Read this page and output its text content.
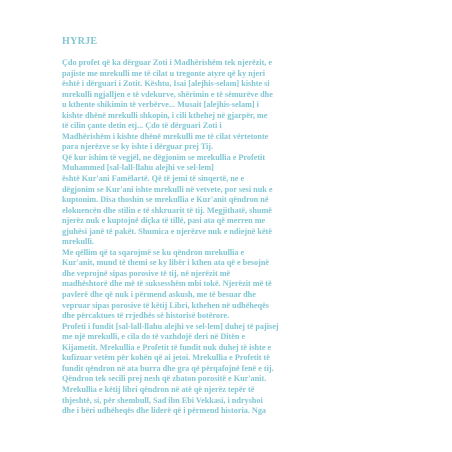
HYRJE
Çdo profet që ka dërguar Zoti i Madhërishëm tek njerëzit, e
pajiste me mrekulli me të cilat u tregonte atyre që ky njeri
është i dërguari i Zotit. Kështu, Isai [alejhis-selam] kishte si
mrekulli ngjalljen e të vdekurve, shërimin e të sëmurëve dhe
u kthente shikimin të verbërve... Musait [alejhis-selam] i
kishte dhënë mrekulli shkopin, i cili kthehej në gjarpër, me
të cilin çante detin etj... Çdo të dërguari Zoti i
Madhërishëm i kishte dhënë mrekulli me të cilat vërtetonte
para njerëzve se ky ishte i dërguar prej Tij.
Që kur ishim të vegjël, ne dëgjonim se mrekullia e Profetit
Muhammed [sal-lall-llahu alejhi ve sel-lem]
është Kur'ani Famëlartë. Që të jemi të sinqertë, ne e
dëgjonim se Kur'ani ishte mrekulli në vetvete, por sesi nuk e
kuptonim. Disa thoshin se mrekullia e Kur'anit qëndron në
elokuencën dhe stilin e të shkruarit të tij. Megjithatë, shumë
njerëz nuk e kuptojnë diçka të tillë, pasi ata që merren me
gjuhësi janë të pakët. Shumica e njerëzve nuk e ndiejnë këtë
mrekulli.
Me qëllim që ta sqarojmë se ku qëndron mrekullia e
Kur'anit, mund të themi se ky libër i kthen ata që e besojnë
dhe veprojnë sipas porosive të tij, në njerëzit më
madhështorë dhe më të suksesshëm mbi tokë. Njerëzit më të
pavlerë dhe që nuk i përmend askush, me të besuar dhe
vepruar sipas porosive të këtij Libri, kthehen në udhëheqës
dhe përcaktues të rrjedhës së historisë botërore.
Profeti i fundit [sal-lall-llahu alejhi ve sel-lem] duhej të pajisej
me një mrekulli, e cila do të vazhdojë deri në Ditën e
Kijametit. Mrekullia e Profetit të fundit nuk duhej të ishte e
kufizuar vetëm për kohën që ai jetoi. Mrekullia e Profetit të
fundit qëndron në ata burra dhe gra që përqafojnë fenë e tij.
Qëndron tek secili prej nesh që zbaton porositë e Kur'anit.
Mrekullia e këtij libri qëndron në atë që njerëz tepër të
thjeshtë, si, për shembull, Sad ibn Ebi Vekkasi, i ndryshoi
dhe i bëri udhëheqës dhe liderë që i përmend historia. Nga
